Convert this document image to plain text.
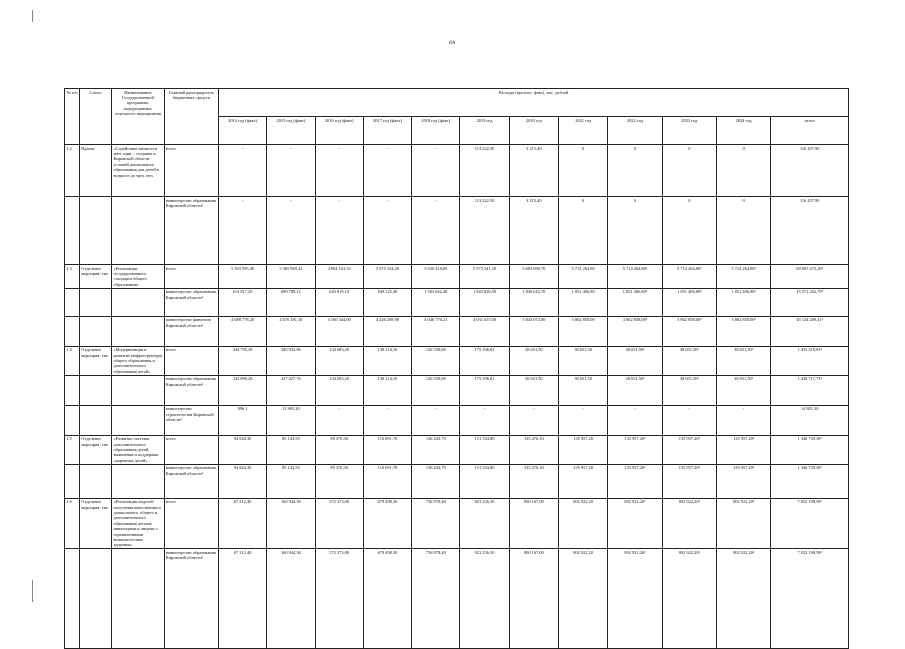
64
№ п/п	Статус	Наименование Государственной программы, подпрограммы, отдельного мероприятия	Главный распорядитель бюджетных средств	Расходы (прогноз, факт), тыс. рублей											
				2014 год (факт)	2015 год (факт)	2016 год (факт)	2017 год (факт)	2018 год (факт)	2019 год	2020 год	2021 год	2022 год	2023 год	2024 год	итого
1.2	Проект	«Содействие занятости жен- щин – создание в Кировской области условий дошкольного образования для детей в возрасте до трех лет»	всего	-	-	-	-	-	113 222,50	3 215,40	0	0	0	0	116 437,90
			министерство образования Кировской области²	-	-	-	-	-	113 222,50	3 215,40	0	0	0	0	116 437,90
1.3	Отдельное мероприя- тие	«Реализация государственного стандарта общего образования»	всего	5 303 595,40	5 365 969,22	4 804 163,10	5 075 334,20	5 630 418,69	5 975 241,29	5 683 690,70	5 714 264,80	5 714 264,80²	5 714 264,80²	5 714 264,80²	60 695 472,20²
			министерство образования Кировской области²	614 817,20	689 788,12	643 819,10	849 125,40	1 583 642,48	1 943 826,59	1 840 616,70	1 851 406,80	1 851 406,80²	1 851 406,80²	1 851 406,80²	15 571 262,79²
			министерство финансов Кировской области²	4 688 778,20	4 676 181,10	4 160 344,00	4 226 208,90	4 046 776,21	4 031 415,00	3 843 074,00	3 862 858,00	3 862 858,00²	3 862 858,00²	3 862 858,00²	45 124 209,41²
1.4	Отдельное мероприя- тие	«Модернизация и развитие инфраструктуры общего образования и дополнительного образования детей»	всего	344 795,38	340 932,96	134 683,20	138 114,10	126 539,08	175 196,81	38 651,50	38 651,50	38 651,50²	38 651,50²	38 651,50²	1 453 519,03²
			министерство образования Кировской области²	343 899,28	327 027,76	134 683,20	138 114,10	126 539,08	175 196,81	38 651,50	38 651,50	38 651,50²	38 651,50²	38 651,50²	1 438 717,73²
			министерство строительства Кировской области²	896,1	13 905,20	-	-	-	-	-	-	-	-	-	14 801,30
1.5	Отдельное мероприя- тие	«Развитие системы дополнительного образования детей, выявления и поддержки одаренных детей»	всего	94 844,30	85 143,59	89 376,30	110 091,70	136 443,79	151 534,80	135 476,10	135 957,20	135 957,20²	135 957,20²	135 957,20²	1 346 739,38²
			министерство образования Кировской области²	94 844,30	85 143,59	89 376,30	110 091,70	136 443,79	151 534,80	135 476,10	135 957,20	135 957,20²	135 957,20²	135 957,20²	1 346 739,38²
1.6	Отдельное мероприя- тие	«Реализация моделей получения качественного дошкольного, общего и дополнительного образования детьми- инвалидами и лицами с ограниченными возможностями здоровья»	всего	67 312,40	160 944,30	572 373,00	679 498,30	736 978,48	823 236,30	800 167,00	802 922,20	802 922,20²	802 922,20²	802 922,20²	7 052 198,58²
			министерство образования Кировской области²	67 312,40	160 944,30	572 373,00	679 498,30	736 978,48	823 236,30	800 167,00	802 922,20	802 922,20²	802 922,20²	802 922,20²	7 052 198,58²
